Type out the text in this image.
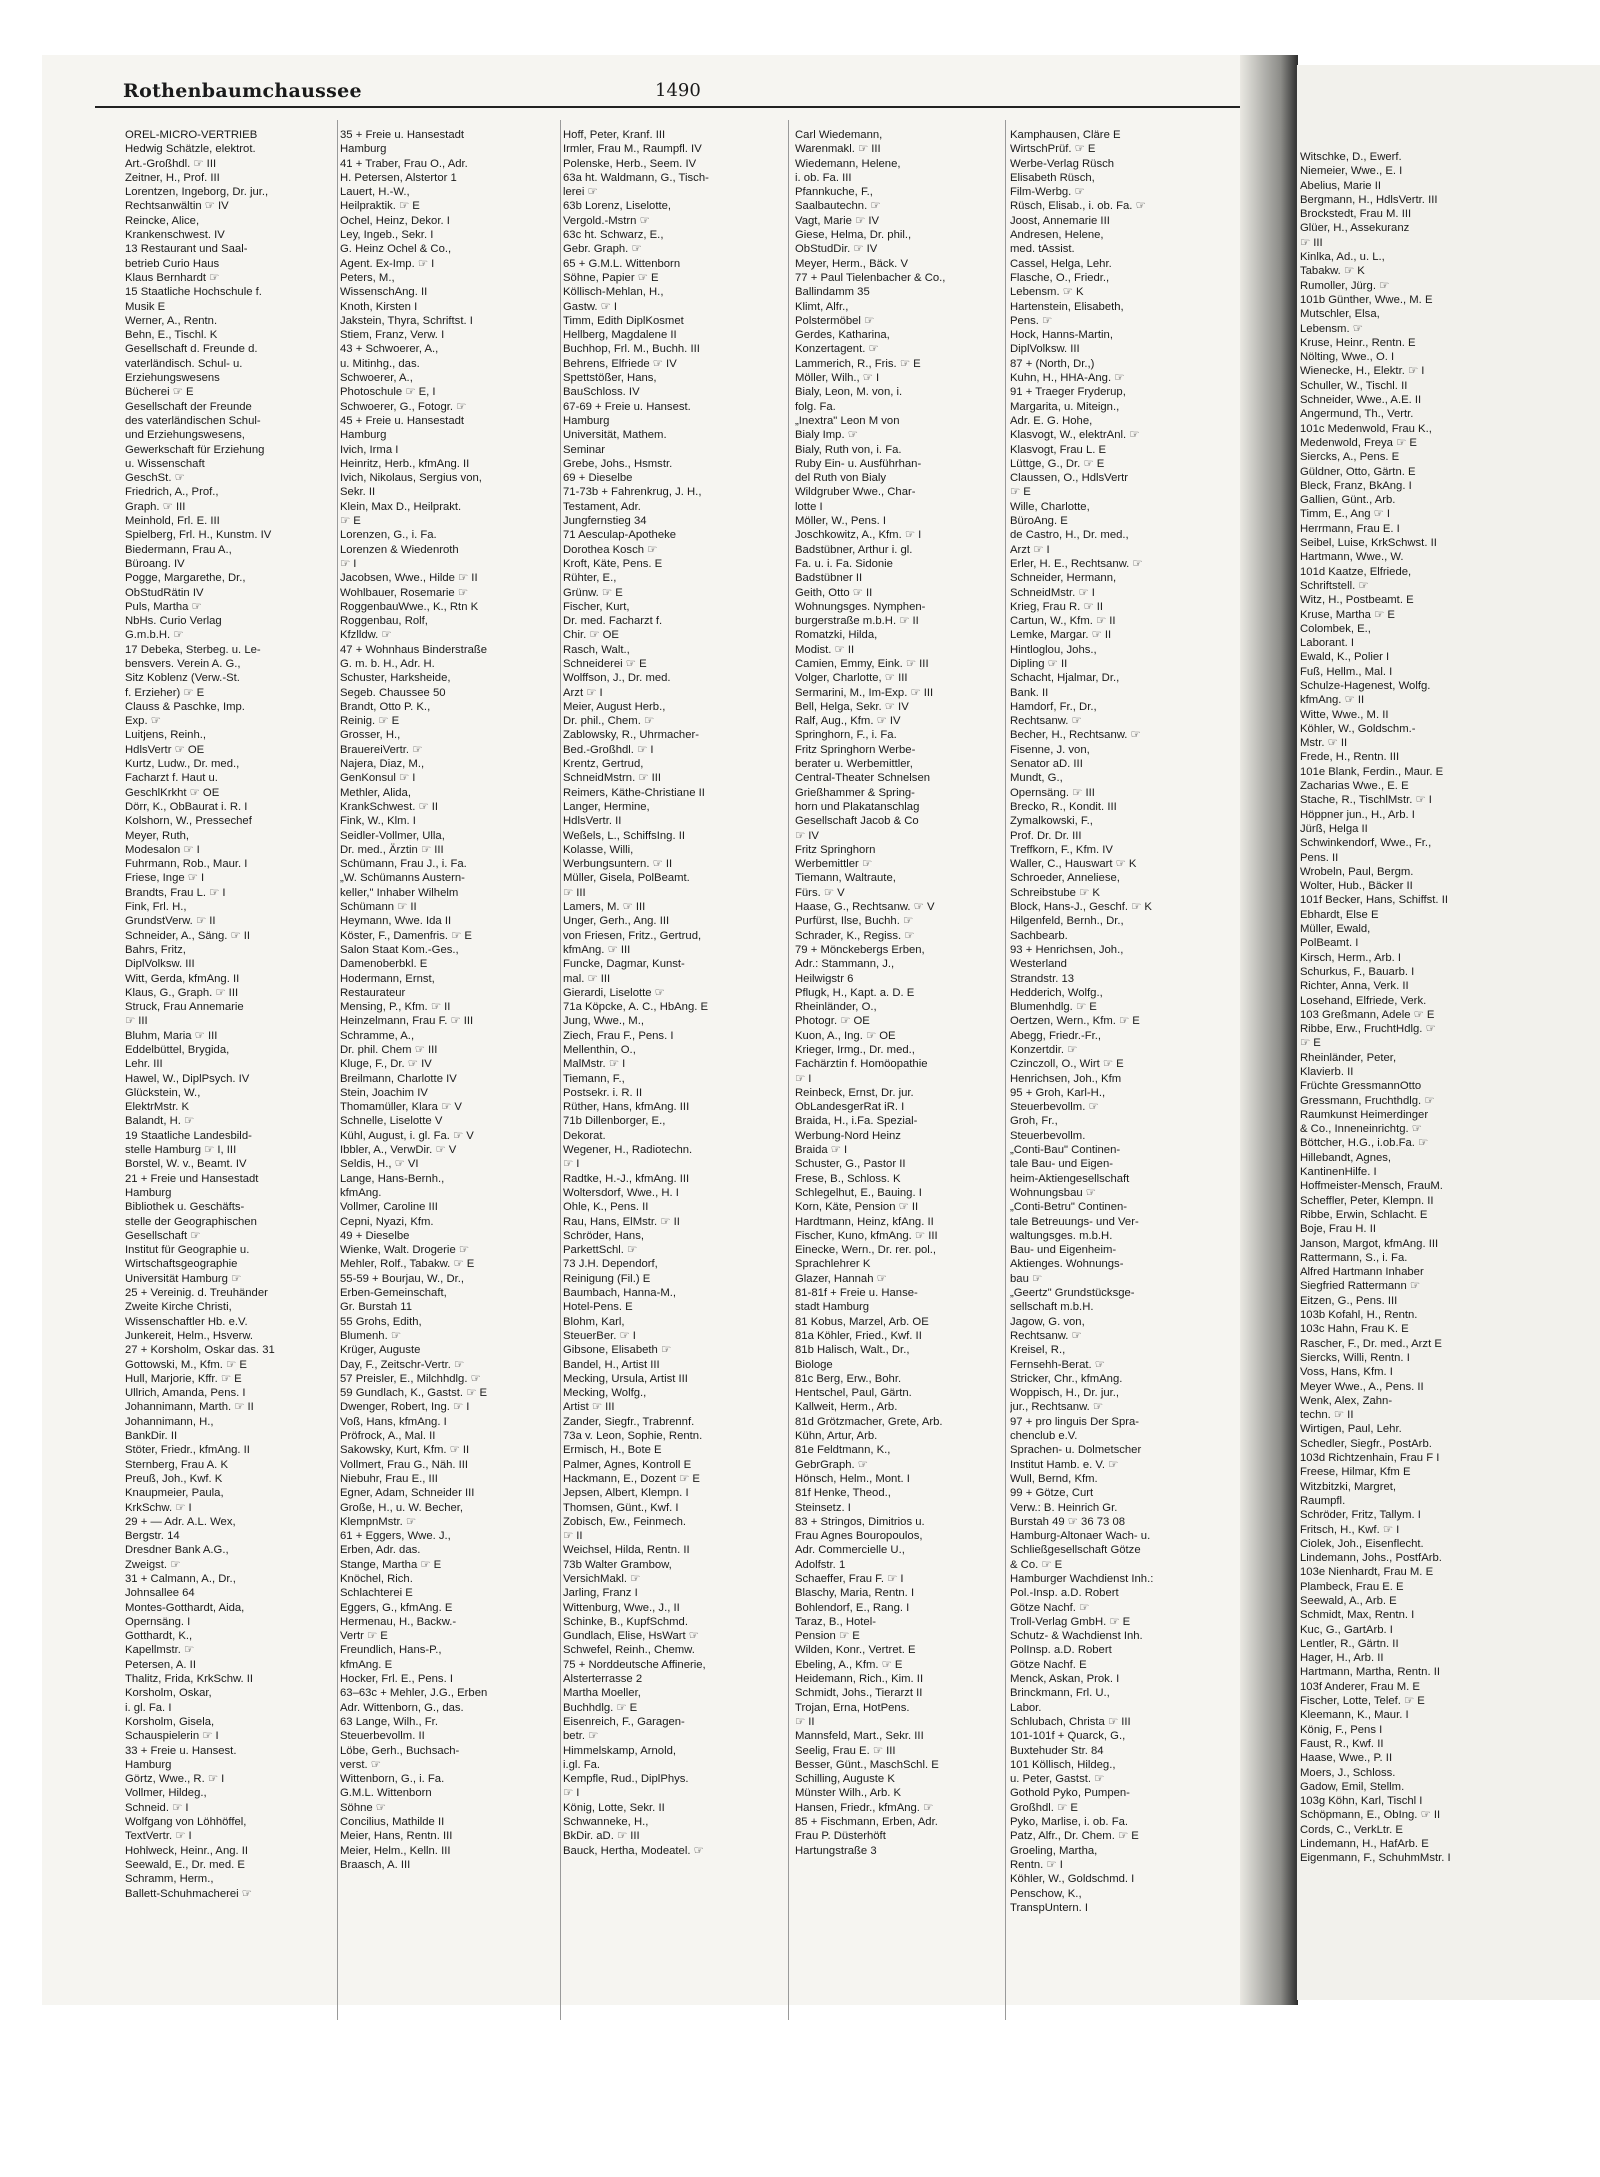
Rothenbaumchaussee	1490
OREL-MICRO-VERTRIEB
Hedwig Schätzle, elektrot.
Art.-Großhdl. ☞ III
Zeitner, H., Prof. III
Lorentzen, Ingeborg, Dr. jur.,
Rechtsanwältin ☞ IV
Reincke, Alice,
Krankenschwest. IV
13 Restaurant und Saal-
betrieb Curio Haus
Klaus Bernhardt ☞
15 Staatliche Hochschule f.
Musik E
Werner, A., Rentn.
Behn, E., Tischl. K
Gesellschaft d. Freunde d.
vaterländisch. Schul- u.
Erziehungswesens
Bücherei ☞ E
Gesellschaft der Freunde
des vaterländischen Schul-
und Erziehungswesens,
Gewerkschaft für Erziehung
u. Wissenschaft
GeschSt. ☞
Friedrich, A., Prof.,
Graph. ☞ III
Meinhold, Frl. E. III
Spielberg, Frl. H., Kunstm. IV
Biedermann, Frau A.,
Büroang. IV
Pogge, Margarethe, Dr.,
ObStudRätin IV
Puls, Martha ☞
NbHs. Curio Verlag
G.m.b.H. ☞
17 Debeka, Sterbeg. u. Le-
bensvers. Verein A. G.,
Sitz Koblenz (Verw.-St.
f. Erzieher) ☞ E
Clauss & Paschke, Imp.
Exp. ☞
Luitjens, Reinh.,
HdlsVertr ☞ OE
Kurtz, Ludw., Dr. med.,
Facharzt f. Haut u.
GeschlKrkht ☞ OE
Dörr, K., ObBaurat i. R. I
Kolshorn, W., Pressechef
Meyer, Ruth,
Modesalon ☞ I
Fuhrmann, Rob., Maur. I
Friese, Inge ☞ I
Brandts, Frau L. ☞ I
Fink, Frl. H.,
GrundstVerw. ☞ II
Schneider, A., Säng. ☞ II
Bahrs, Fritz,
DiplVolksw. III
Witt, Gerda, kfmAng. II
Klaus, G., Graph. ☞ III
Struck, Frau Annemarie
☞ III
Bluhm, Maria ☞ III
Eddelbüttel, Brygida,
Lehr. III
Hawel, W., DiplPsych. IV
Glückstein, W.,
ElektrMstr. K
Balandt, H. ☞
19 Staatliche Landesbild-
stelle Hamburg ☞ I, III
Borstel, W. v., Beamt. IV
21 + Freie und Hansestadt
Hamburg
Bibliothek u. Geschäfts-
stelle der Geographischen
Gesellschaft ☞
Institut für Geographie u.
Wirtschaftsgeographie
Universität Hamburg ☞
25 + Vereinig. d. Treuhänder
Zweite Kirche Christi,
Wissenschaftler Hb. e.V.
Junkereit, Helm., Hsverw.
27 + Korsholm, Oskar das. 31
Gottowski, M., Kfm. ☞ E
Hull, Marjorie, Kffr. ☞ E
Ullrich, Amanda, Pens. I
Johannimann, Marth. ☞ II
Johannimann, H.,
BankDir. II
Stöter, Friedr., kfmAng. II
Sternberg, Frau A. K
Preuß, Joh., Kwf. K
Knaupmeier, Paula,
KrkSchw. ☞ I
29 + — Adr. A.L. Wex,
Bergstr. 14
Dresdner Bank A.G.,
Zweigst. ☞
31 + Calmann, A., Dr.,
Johnsallee 64
Montes-Gotthardt, Aida,
Opernsäng. I
Gotthardt, K.,
Kapellmstr. ☞
Petersen, A. II
Thalitz, Frida, KrkSchw. II
Korsholm, Oskar,
i. gl. Fa. I
Korsholm, Gisela,
Schauspielerin ☞ I
33 + Freie u. Hansest.
Hamburg
Görtz, Wwe., R. ☞ I
Vollmer, Hildeg.,
Schneid. ☞ I
Wolfgang von Löhhöffel,
TextVertr. ☞ I
Hohlweck, Heinr., Ang. II
Seewald, E., Dr. med. E
Schramm, Herm.,
Ballett-Schuhmacherei ☞
35 + Freie u. Hansestadt
Hamburg
41 + Traber, Frau O., Adr.
H. Petersen, Alstertor 1
Lauert, H.-W.,
Heilpraktik. ☞ E
Ochel, Heinz, Dekor. I
Ley, Ingeb., Sekr. I
G. Heinz Ochel & Co.,
Agent. Ex-Imp. ☞ I
Peters, M.,
WissenschAng. II
Knoth, Kirsten I
Jakstein, Thyra, Schriftst. I
Stiem, Franz, Verw. I
43 + Schwoerer, A.,
u. Mitinhg., das.
Schwoerer, A.,
Photoschule ☞ E, I
Schwoerer, G., Fotogr. ☞
45 + Freie u. Hansestadt
Hamburg
Ivich, Irma I
Heinritz, Herb., kfmAng. II
Ivich, Nikolaus, Sergius von,
Sekr. II
Klein, Max D., Heilprakt.
☞ E
Lorenzen, G., i. Fa.
Lorenzen & Wiedenroth
☞ I
Jacobsen, Wwe., Hilde ☞ II
Wohlbauer, Rosemarie ☞
RoggenbauWwe., K., Rtn K
Roggenbau, Rolf,
Kfzlldw. ☞
47 + Wohnhaus Binderstraße
G. m. b. H., Adr. H.
Schuster, Harksheide,
Segeb. Chaussee 50
Brandt, Otto P. K.,
Reinig. ☞ E
Grosser, H.,
BrauereiVertr. ☞
Najera, Diaz, M.,
GenKonsul ☞ I
Methler, Alida,
KrankSchwest. ☞ II
Fink, W., Klm. I
Seidler-Vollmer, Ulla,
Dr. med., Ärztin ☞ III
Schümann, Frau J., i. Fa.
„W. Schümanns Austern-
keller," Inhaber Wilhelm
Schümann ☞ II
Heymann, Wwe. Ida II
Köster, F., Damenfris. ☞ E
Salon Staat Kom.-Ges.,
Damenoberbkl. E
Hodermann, Ernst,
Restaurateur
Mensing, P., Kfm. ☞ II
Heinzelmann, Frau F. ☞ III
Schramme, A.,
Dr. phil. Chem ☞ III
Kluge, F., Dr. ☞ IV
Breilmann, Charlotte IV
Stein, Joachim IV
Thomamüller, Klara ☞ V
Schnelle, Liselotte V
Kühl, August, i. gl. Fa. ☞ V
Ibbler, A., VerwDir. ☞ V
Seldis, H., ☞ VI
Lange, Hans-Bernh.,
kfmAng.
Vollmer, Caroline III
Cepni, Nyazi, Kfm.
49 + Dieselbe
Wienke, Walt. Drogerie ☞
Mehler, Rolf., Tabakw. ☞ E
55-59 + Bourjau, W., Dr.,
Erben-Gemeinschaft,
Gr. Burstah 11
55 Grohs, Edith,
Blumenh. ☞
Krüger, Auguste
Day, F., Zeitschr-Vertr. ☞
57 Preisler, E., Milchhdlg. ☞
59 Gundlach, K., Gastst. ☞ E
Dwenger, Robert, Ing. ☞ I
Voß, Hans, kfmAng. I
Pröfrock, A., Mal. II
Sakowsky, Kurt, Kfm. ☞ II
Vollmert, Frau G., Näh. III
Niebuhr, Frau E., III
Egner, Adam, Schneider III
Große, H., u. W. Becher,
KlempnMstr. ☞
61 + Eggers, Wwe. J.,
Erben, Adr. das.
Stange, Martha ☞ E
Knöchel, Rich.
Schlachterei E
Eggers, G., kfmAng. E
Hermenau, H., Backw.-
Vertr ☞ E
Freundlich, Hans-P.,
kfmAng. E
Hocker, Frl. E., Pens. I
63–63c + Mehler, J.G., Erben
Adr. Wittenborn, G., das.
63 Lange, Wilh., Fr.
Steuerbevollm. II
Löbe, Gerh., Buchsach-
verst. ☞
Wittenborn, G., i. Fa.
G.M.L. Wittenborn
Söhne ☞
Concilius, Mathilde II
Meier, Hans, Rentn. III
Meier, Helm., Kelln. III
Braasch, A. III
Hoff, Peter, Kranf. III
Irmler, Frau M., Raumpfl. IV
Polenske, Herb., Seem. IV
63a ht. Waldmann, G., Tisch-
lerei ☞
63b Lorenz, Liselotte,
Vergold.-Mstrn ☞
63c ht. Schwarz, E.,
Gebr. Graph. ☞
65 + G.M.L. Wittenborn
Söhne, Papier ☞ E
Köllisch-Mehlan, H.,
Gastw. ☞ I
Timm, Edith DiplKosmet
Hellberg, Magdalene II
Buchhop, Frl. M., Buchh. III
Behrens, Elfriede ☞ IV
Spettstößer, Hans,
BauSchloss. IV
67-69 + Freie u. Hansest.
Hamburg
Universität, Mathem.
Seminar
Grebe, Johs., Hsmstr.
69 + Dieselbe
71-73b + Fahrenkrug, J. H.,
Testament, Adr.
Jungfernstieg 34
71 Aesculap-Apotheke
Dorothea Kosch ☞
Kroft, Käte, Pens. E
Rühter, E.,
Grünw. ☞ E
Fischer, Kurt,
Dr. med. Facharzt f.
Chir. ☞ OE
Rasch, Walt.,
Schneiderei ☞ E
Wolffson, J., Dr. med.
Arzt ☞ I
Meier, August Herb.,
Dr. phil., Chem. ☞
Zablowsky, R., Uhrmacher-
Bed.-Großhdl. ☞ I
Krentz, Gertrud,
SchneidMstrn. ☞ III
Reimers, Käthe-Christiane II
Langer, Hermine,
HdlsVertr. II
Weßels, L., SchiffsIng. II
Kolasse, Willi,
Werbungsuntern. ☞ II
Müller, Gisela, PolBeamt.
☞ III
Lamers, M. ☞ III
Unger, Gerh., Ang. III
von Friesen, Fritz., Gertrud,
kfmAng. ☞ III
Funcke, Dagmar, Kunst-
mal. ☞ III
Gierardi, Liselotte ☞
71a Köpcke, A. C., HbAng. E
Jung, Wwe., M.,
Ziech, Frau F., Pens. I
Mellenthin, O.,
MalMstr. ☞ I
Tiemann, F.,
Postsekr. i. R. II
Rüther, Hans, kfmAng. III
71b Dillenborger, E.,
Dekorat.
Wegener, H., Radiotechn.
☞ I
Radtke, H.-J., kfmAng. III
Woltersdorf, Wwe., H. I
Ohle, K., Pens. II
Rau, Hans, ElMstr. ☞ II
Schröder, Hans,
ParkettSchl. ☞
73 J.H. Dependorf,
Reinigung (Fil.) E
Baumbach, Hanna-M.,
Hotel-Pens. E
Blohm, Karl,
SteuerBer. ☞ I
Gibsone, Elisabeth ☞
Bandel, H., Artist III
Mecking, Ursula, Artist III
Mecking, Wolfg.,
Artist ☞ III
Zander, Siegfr., Trabrennf.
73a v. Leon, Sophie, Rentn.
Ermisch, H., Bote E
Palmer, Agnes, Kontroll E
Hackmann, E., Dozent ☞ E
Jepsen, Albert, Klempn. I
Thomsen, Günt., Kwf. I
Zobisch, Ew., Feinmech.
☞ II
Weichsel, Hilda, Rentn. II
73b Walter Grambow,
VersichMakl. ☞
Jarling, Franz I
Wittenburg, Wwe., J., II
Schinke, B., KupfSchmd.
Gundlach, Elise, HsWart ☞
Schwefel, Reinh., Chemw.
75 + Norddeutsche Affinerie,
Alsterterrasse 2
Martha Moeller,
Buchhdlg. ☞ E
Eisenreich, F., Garagen-
betr. ☞
Himmelskamp, Arnold,
i.gl. Fa.
Kempfle, Rud., DiplPhys.
☞ I
König, Lotte, Sekr. II
Schwanneke, H.,
BkDir. aD. ☞ III
Bauck, Hertha, Modeatel. ☞
Carl Wiedemann,
Warenmakl. ☞ III
Wiedemann, Helene,
i. ob. Fa. III
Pfannkuche, F.,
Saalbautechn. ☞
Vagt, Marie ☞ IV
Giese, Helma, Dr. phil.,
ObStudDir. ☞ IV
Meyer, Herm., Bäck. V
77 + Paul Tielenbacher & Co.,
Ballindamm 35
Klimt, Alfr.,
Polstermöbel ☞
Gerdes, Katharina,
Konzertagent. ☞
Lammerich, R., Fris. ☞ E
Möller, Wilh., ☞ I
Bialy, Leon, M. von, i.
folg. Fa.
„Inextra" Leon M von
Bialy Imp. ☞
Bialy, Ruth von, i. Fa.
Ruby Ein- u. Ausführhan-
del Ruth von Bialy
Wildgruber Wwe., Char-
lotte I
Möller, W., Pens. I
Joschkowitz, A., Kfm. ☞ I
Badstübner, Arthur i. gl.
Fa. u. i. Fa. Sidonie
Badstübner II
Geith, Otto ☞ II
Wohnungsges. Nymphen-
burgerstraße m.b.H. ☞ II
Romatzki, Hilda,
Modist. ☞ II
Camien, Emmy, Eink. ☞ III
Volger, Charlotte, ☞ III
Sermarini, M., Im-Exp. ☞ III
Bell, Helga, Sekr. ☞ IV
Ralf, Aug., Kfm. ☞ IV
Springhorn, F., i. Fa.
Fritz Springhorn Werbe-
berater u. Werbemittler,
Central-Theater Schnelsen
Grießhammer & Spring-
horn und Plakatanschlag
Gesellschaft Jacob & Co
☞ IV
Fritz Springhorn
Werbemittler ☞
Tiemann, Waltraute,
Fürs. ☞ V
Haase, G., Rechtsanw. ☞ V
Purfürst, Ilse, Buchh. ☞
Schrader, K., Regiss. ☞
79 + Mönckebergs Erben,
Adr.: Stammann, J.,
Heilwigstr 6
Pflugk, H., Kapt. a. D. E
Rheinländer, O.,
Photogr. ☞ OE
Kuon, A., Ing. ☞ OE
Krieger, Irmg., Dr. med.,
Fachärztin f. Homöopathie
☞ I
Reinbeck, Ernst, Dr. jur.
ObLandesgerRat iR. I
Braida, H., i.Fa. Spezial-
Werbung-Nord Heinz
Braida ☞ I
Schuster, G., Pastor II
Frese, B., Schloss. K
Schlegelhut, E., Bauing. I
Korn, Käte, Pension ☞ II
Hardtmann, Heinz, kfAng. II
Fischer, Kuno, kfmAng. ☞ III
Einecke, Wern., Dr. rer. pol.,
Sprachlehrer K
Glazer, Hannah ☞
81-81f + Freie u. Hanse-
stadt Hamburg
81 Kobus, Marzel, Arb. OE
81a Köhler, Fried., Kwf. II
81b Halisch, Walt., Dr.,
Biologe
81c Berg, Erw., Bohr.
Hentschel, Paul, Gärtn.
Kallweit, Herm., Arb.
81d Grötzmacher, Grete, Arb.
Kühn, Artur, Arb.
81e Feldtmann, K.,
GebrGraph. ☞
Hönsch, Helm., Mont. I
81f Henke, Theod.,
Steinsetz. I
83 + Stringos, Dimitrios u.
Frau Agnes Bouropoulos,
Adr. Commercielle U.,
Adolfstr. 1
Schaeffer, Frau F. ☞ I
Blaschy, Maria, Rentn. I
Bohlendorf, E., Rang. I
Taraz, B., Hotel-
Pension ☞ E
Wilden, Konr., Vertret. E
Ebeling, A., Kfm. ☞ E
Heidemann, Rich., Kim. II
Schmidt, Johs., Tierarzt II
Trojan, Erna, HotPens.
☞ II
Mannsfeld, Mart., Sekr. III
Seelig, Frau E. ☞ III
Besser, Günt., MaschSchl. E
Schilling, Auguste K
Münster Wilh., Arb. K
Hansen, Friedr., kfmAng. ☞
85 + Fischmann, Erben, Adr.
Frau P. Düsterhöft
Hartungstraße 3
Kamphausen, Cläre E
WirtschPrüf. ☞ E
Werbe-Verlag Rüsch
Elisabeth Rüsch,
Film-Werbg. ☞
Rüsch, Elisab., i. ob. Fa. ☞
Joost, Annemarie III
Andresen, Helene,
med. tAssist.
Cassel, Helga, Lehr.
Flasche, O., Friedr.,
Lebensm. ☞ K
Hartenstein, Elisabeth,
Pens. ☞
Hock, Hanns-Martin,
DiplVolksw. III
87 + (North, Dr.,)
Kuhn, H., HHA-Ang. ☞
91 + Traeger Fryderup,
Margarita, u. Miteign.,
Adr. E. G. Hohe,
Klasvogt, W., elektrAnl. ☞
Klasvogt, Frau L. E
Lüttge, G., Dr. ☞ E
Claussen, O., HdlsVertr
☞ E
Wille, Charlotte,
BüroAng. E
de Castro, H., Dr. med.,
Arzt ☞ I
Erler, H. E., Rechtsanw. ☞
Schneider, Hermann,
SchneidMstr. ☞ I
Krieg, Frau R. ☞ II
Cartun, W., Kfm. ☞ II
Lemke, Margar. ☞ II
Hintloglou, Johs.,
Dipling ☞ II
Schacht, Hjalmar, Dr.,
Bank. II
Hamdorf, Fr., Dr.,
Rechtsanw. ☞
Becher, H., Rechtsanw. ☞
Fisenne, J. von,
Senator aD. III
Mundt, G.,
Opernsäng. ☞ III
Brecko, R., Kondit. III
Zymalkowski, F.,
Prof. Dr. Dr. III
Treffkorn, F., Kfm. IV
Waller, C., Hauswart ☞ K
Schroeder, Anneliese,
Schreibstube ☞ K
Block, Hans-J., Geschf. ☞ K
Hilgenfeld, Bernh., Dr.,
Sachbearb.
93 + Henrichsen, Joh.,
Westerland
Strandstr. 13
Hedderich, Wolfg.,
Blumenhdlg. ☞ E
Oertzen, Wern., Kfm. ☞ E
Abegg, Friedr.-Fr.,
Konzertdir. ☞
Czinczoll, O., Wirt ☞ E
Henrichsen, Joh., Kfm
95 + Groh, Karl-H.,
Steuerbevollm. ☞
Groh, Fr.,
Steuerbevollm.
„Conti-Bau" Continen-
tale Bau- und Eigen-
heim-Aktiengesellschaft
Wohnungsbau ☞
„Conti-Betru" Continen-
tale Betreuungs- und Ver-
waltungsges. m.b.H.
Bau- und Eigenheim-
Aktienges. Wohnungs-
bau ☞
„Geertz" Grundstücksge-
sellschaft m.b.H.
Jagow, G. von,
Rechtsanw. ☞
Kreisel, R.,
Fernsehh-Berat. ☞
Stricker, Chr., kfmAng.
Woppisch, H., Dr. jur.,
jur., Rechtsanw. ☞
97 + pro linguis Der Spra-
chenclub e.V.
Sprachen- u. Dolmetscher
Institut Hamb. e. V. ☞
Wull, Bernd, Kfm.
99 + Götze, Curt
Verw.: B. Heinrich Gr.
Burstah 49 ☞ 36 73 08
Hamburg-Altonaer Wach- u.
Schließgesellschaft Götze
& Co. ☞ E
Hamburger Wachdienst Inh.:
Pol.-Insp. a.D. Robert
Götze Nachf. ☞
Troll-Verlag GmbH. ☞ E
Schutz- & Wachdienst Inh.
PolInsp. a.D. Robert
Götze Nachf. E
Menck, Askan, Prok. I
Brinckmann, Frl. U.,
Labor.
Schlubach, Christa ☞ III
101-101f + Quarck, G.,
Buxtehuder Str. 84
101 Köllisch, Hildeg.,
u. Peter, Gastst. ☞
Gothold Pyko, Pumpen-
Großhdl. ☞ E
Pyko, Marlise, i. ob. Fa.
Patz, Alfr., Dr. Chem. ☞ E
Groeling, Martha,
Rentn. ☞ I
Köhler, W., Goldschmd. I
Penschow, K.,
TranspUntern. I
Witschke, D., Ewerf.
Niemeier, Wwe., E. I
Abelius, Marie II
Bergmann, H., HdlsVertr. III
Brockstedt, Frau M. III
Glüer, H., Assekuranz
☞ III
Kinlka, Ad., u. L.,
Tabakw. ☞ K
Rumoller, Jürg. ☞
101b Günther, Wwe., M. E
Mutschler, Elsa,
Lebensm. ☞
Kruse, Heinr., Rentn. E
Nölting, Wwe., O. I
Wienecke, H., Elektr. ☞ I
Schuller, W., Tischl. II
Schneider, Wwe., A.E. II
Angermund, Th., Vertr.
101c Medenwold, Frau K.,
Medenwold, Freya ☞ E
Siercks, A., Pens. E
Güldner, Otto, Gärtn. E
Bleck, Franz, BkAng. I
Gallien, Günt., Arb.
Timm, E., Ang ☞ I
Herrmann, Frau E. I
Seibel, Luise, KrkSchwst. II
Hartmann, Wwe., W.
101d Kaatze, Elfriede,
Schriftstell. ☞
Witz, H., Postbeamt. E
Kruse, Martha ☞ E
Colombek, E.,
Laborant. I
Ewald, K., Polier I
Fuß, Hellm., Mal. I
Schulze-Hagenest, Wolfg.
kfmAng. ☞ II
Witte, Wwe., M. II
Köhler, W., Goldschm.-
Mstr. ☞ II
Frede, H., Rentn. III
101e Blank, Ferdin., Maur. E
Zacharias Wwe., E. E
Stache, R., TischlMstr. ☞ I
Höppner jun., H., Arb. I
Jürß, Helga II
Schwinkendorf, Wwe., Fr.,
Pens. II
Wrobeln, Paul, Bergm.
Wolter, Hub., Bäcker II
101f Becker, Hans, Schiffst. II
Ebhardt, Else E
Müller, Ewald,
PolBeamt. I
Kirsch, Herm., Arb. I
Schurkus, F., Bauarb. I
Richter, Anna, Verk. II
Losehand, Elfriede, Verk.
103 Greßmann, Adele ☞ E
Ribbe, Erw., FruchtHdlg. ☞
☞ E
Rheinländer, Peter,
Klavierb. II
Früchte GressmannOtto
Gressmann, Fruchthdlg. ☞
Raumkunst Heimerdinger
& Co., Inneneinrichtg. ☞
Böttcher, H.G., i.ob.Fa. ☞
Hillebandt, Agnes,
KantinenHilfe. I
Hoffmeister-Mensch, FrauM.
Scheffler, Peter, Klempn. II
Ribbe, Erwin, Schlacht. E
Boje, Frau H. II
Janson, Margot, kfmAng. III
Rattermann, S., i. Fa.
Alfred Hartmann Inhaber
Siegfried Rattermann ☞
Eitzen, G., Pens. III
103b Kofahl, H., Rentn.
103c Hahn, Frau K. E
Rascher, F., Dr. med., Arzt E
Siercks, Willi, Rentn. I
Voss, Hans, Kfm. I
Meyer Wwe., A., Pens. II
Wenk, Alex, Zahn-
techn. ☞ II
Wirtigen, Paul, Lehr.
Schedler, Siegfr., PostArb.
103d Richtzenhain, Frau F I
Freese, Hilmar, Kfm E
Witzbitzki, Margret,
Raumpfl.
Schröder, Fritz, Tallym. I
Fritsch, H., Kwf. ☞ I
Ciolek, Joh., Eisenflecht.
Lindemann, Johs., PostfArb.
103e Nienhardt, Frau M. E
Plambeck, Frau E. E
Seewald, A., Arb. E
Schmidt, Max, Rentn. I
Kuc, G., GartArb. I
Lentler, R., Gärtn. II
Hager, H., Arb. II
Hartmann, Martha, Rentn. II
103f Anderer, Frau M. E
Fischer, Lotte, Telef. ☞ E
Kleemann, K., Maur. I
König, F., Pens I
Faust, R., Kwf. II
Haase, Wwe., P. II
Moers, J., Schloss.
Gadow, Emil, Stellm.
103g Köhn, Karl, Tischl I
Schöpmann, E., ObIng. ☞ II
Cords, C., VerkLtr. E
Lindemann, H., HafArb. E
Eigenmann, F., SchuhmMstr. I
